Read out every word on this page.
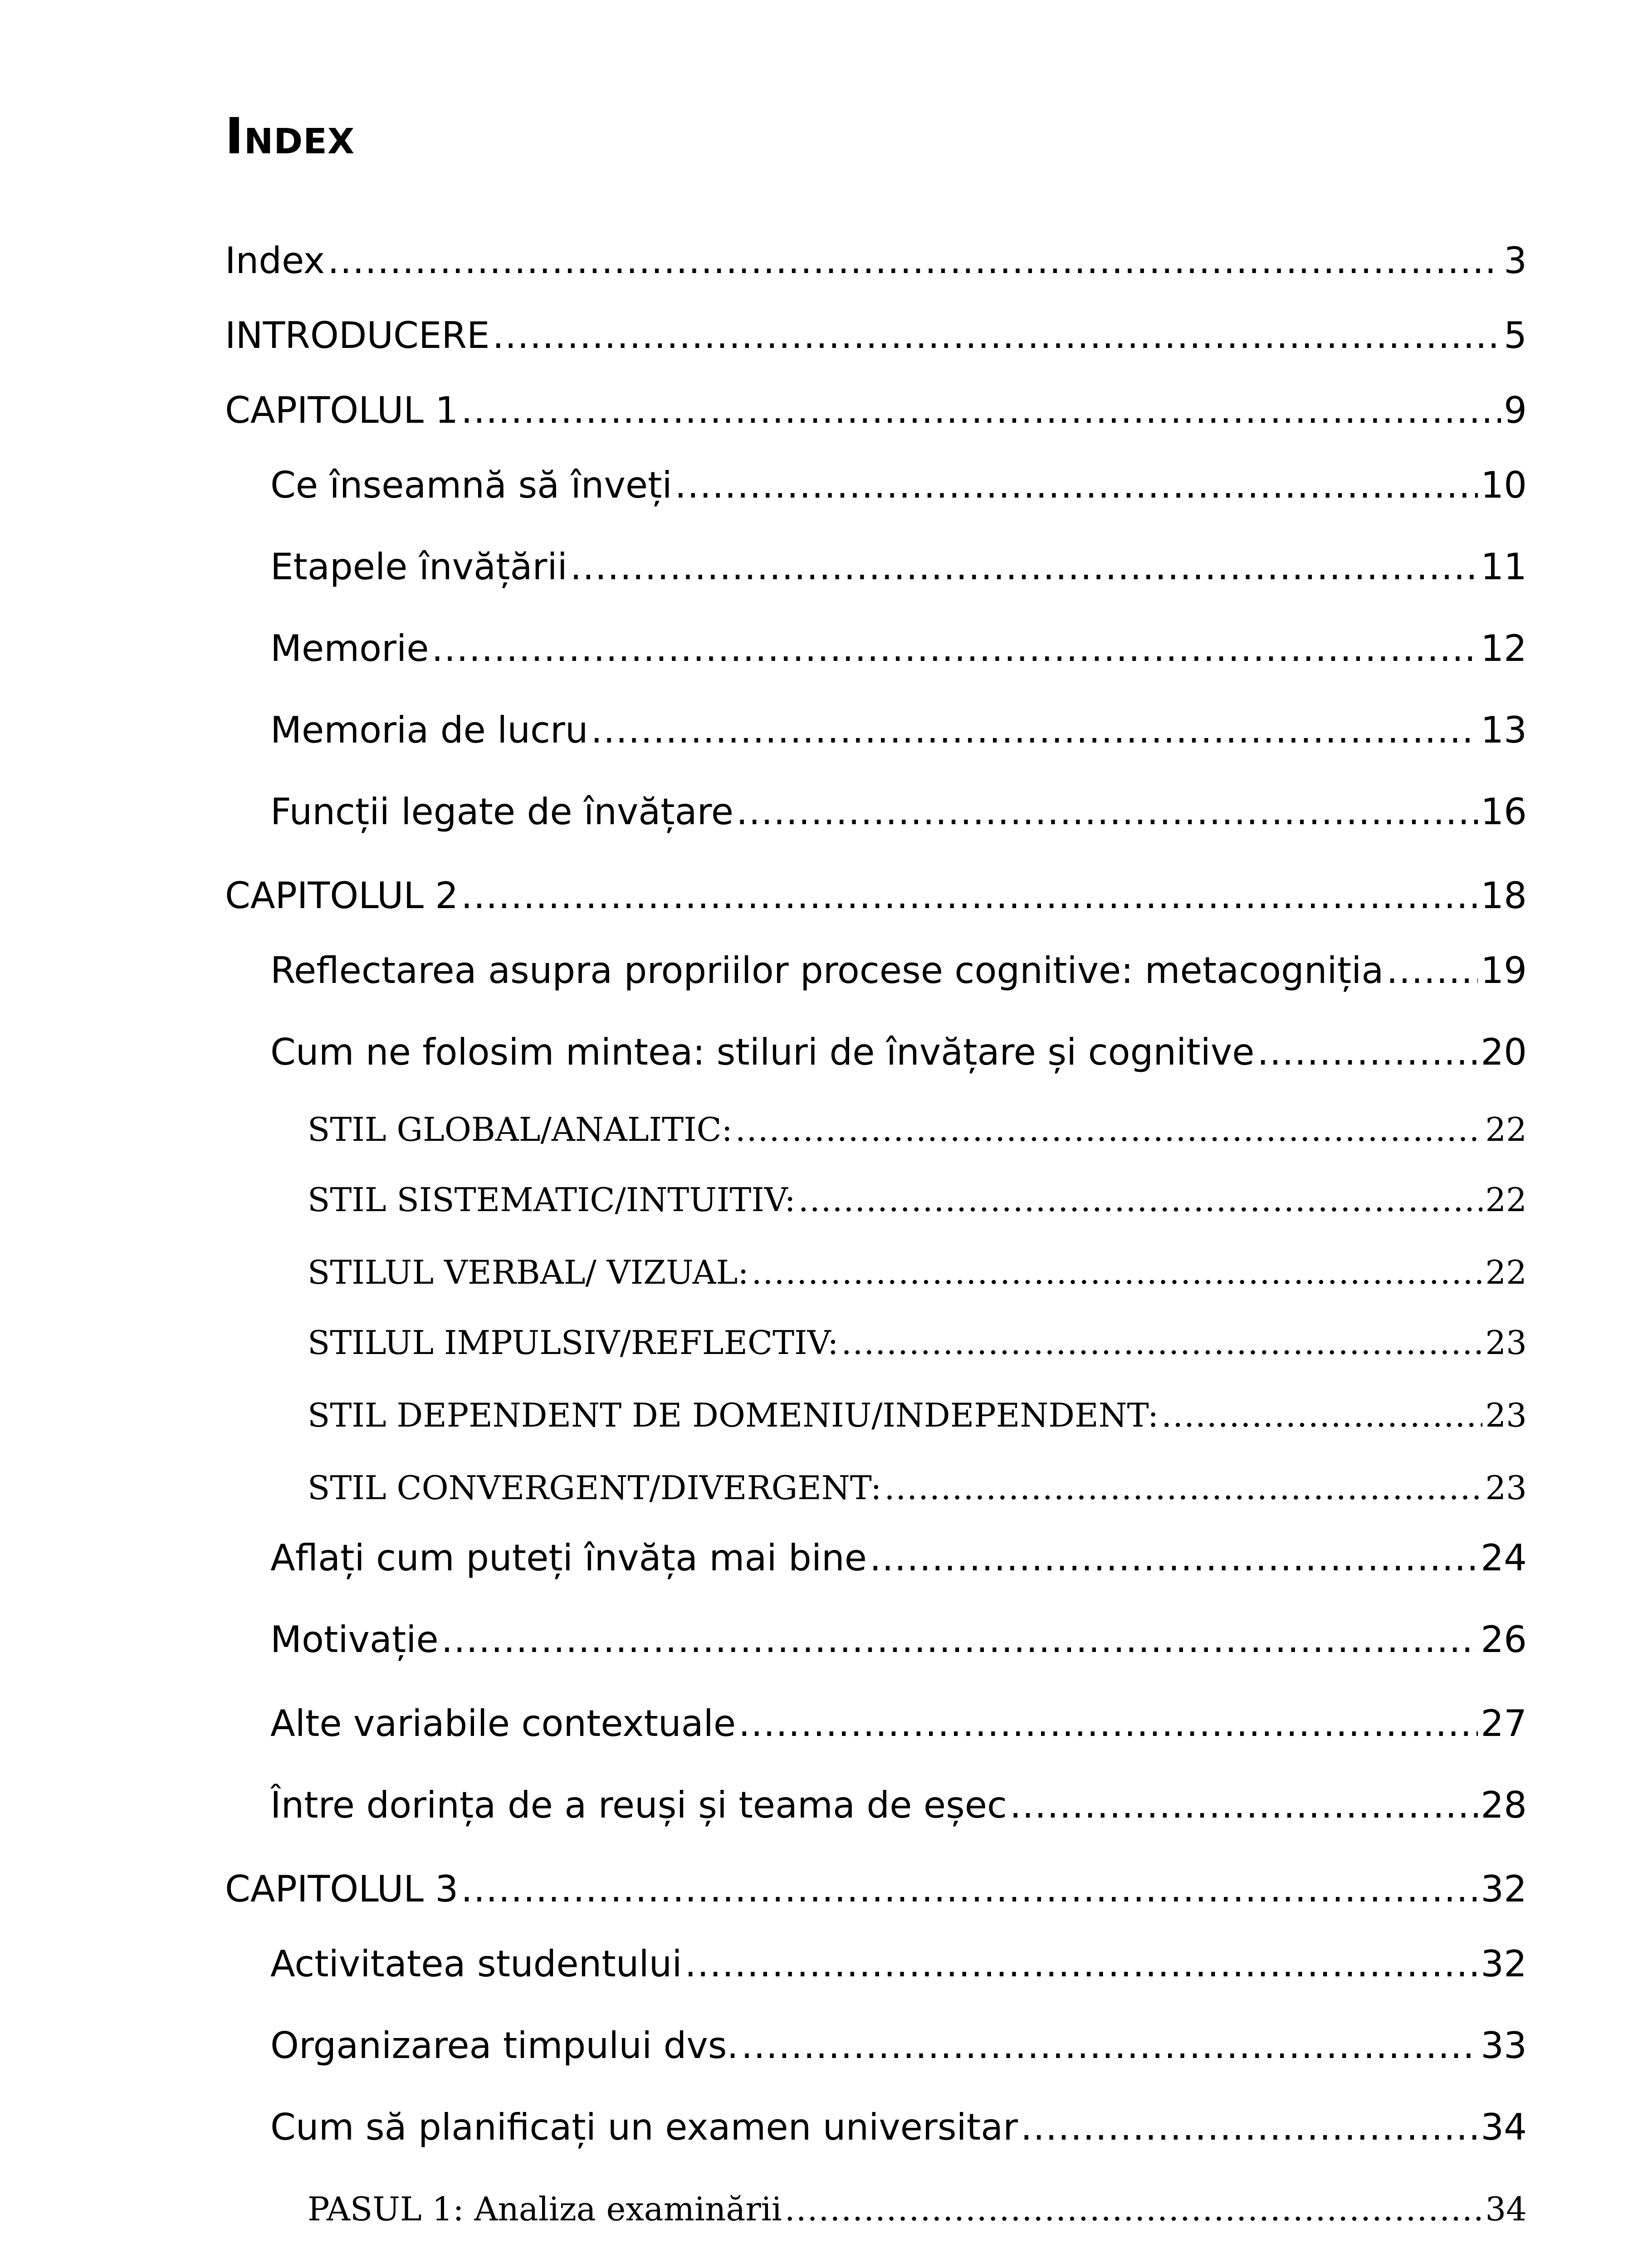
Index
Index .....	3
INTRODUCERE .....	5
CAPITOLUL 1 .....	9
Ce înseamnă să înveți .....	10
Etapele învățării .....	11
Memorie .....	12
Memoria de lucru .....	13
Funcții legate de învățare .....	16
CAPITOLUL 2 .....	18
Reflectarea asupra propriilor procese cognitive: metacogniția .....	19
Cum ne folosim mintea: stiluri de învățare și cognitive .....	20
STIL GLOBAL/ANALITIC: .....	22
STIL SISTEMATIC/INTUITIV: .....	22
STILUL VERBAL/ VIZUAL: .....	22
STILUL IMPULSIV/REFLECTIV: .....	23
STIL DEPENDENT DE DOMENIU/INDEPENDENT: .....	23
STIL CONVERGENT/DIVERGENT: .....	23
Aflați cum puteți învăța mai bine .....	24
Motivație .....	26
Alte variabile contextuale .....	27
Între dorința de a reuși și teama de eșec .....	28
CAPITOLUL 3 .....	32
Activitatea studentului .....	32
Organizarea timpului dvs. .....	33
Cum să planificați un examen universitar .....	34
PASUL 1: Analiza examinării .....	34
